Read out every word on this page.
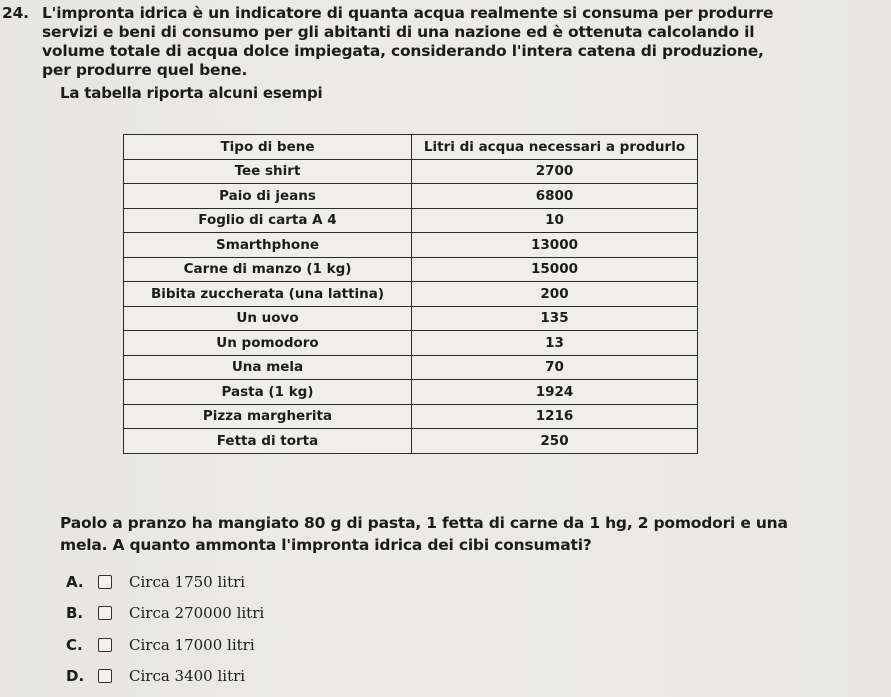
24. L'impronta idrica è un indicatore di quanta acqua realmente si consuma per produrre

servizi e beni di consumo per gli abitanti di una nazione ed è ottenuta calcolando il

volume totale di acqua dolce impiegata, considerando l'intera catena di produzione,

per produrre quel bene.

La tabella riporta alcuni esempi
Tipo di bene	Litri di acqua necessari a produrlo
Tee shirt	2700
Paio di jeans	6800
Foglio di carta A 4	10
Smarthphone	13000
Carne di manzo (1 kg)	15000
Bibita zuccherata (una lattina)	200
Un uovo	135
Un pomodoro	13
Una mela	70
Pasta (1 kg)	1924
Pizza margherita	1216
Fetta di torta	250

Paolo a pranzo ha mangiato 80 g di pasta, 1 fetta di carne da 1 hg, 2 pomodori e una

mela. A quanto ammonta l'impronta idrica dei cibi consumati?

A.	Circa 1750 litri
B.	Circa 270000 litri
C.	Circa 17000 litri
D.	Circa 3400 litri
